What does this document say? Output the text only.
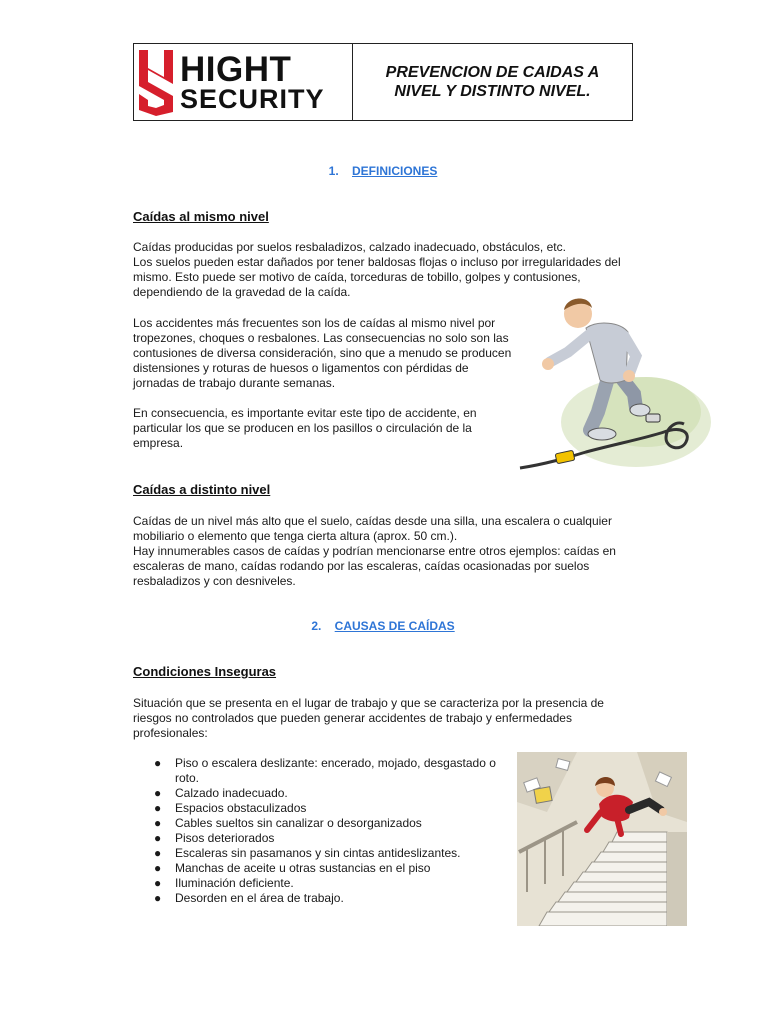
HIGHT
SECURITY
PREVENCION DE CAIDAS A NIVEL Y DISTINTO NIVEL.
1. DEFINICIONES
Caídas al mismo nivel
Caídas producidas por suelos resbaladizos, calzado inadecuado, obstáculos, etc.
Los suelos pueden estar dañados por tener baldosas flojas o incluso por irregularidades del
mismo. Esto puede ser motivo de caída, torceduras de tobillo, golpes y contusiones,
dependiendo de la gravedad de la caída.
Los accidentes más frecuentes son los de caídas al mismo nivel por
tropezones, choques o resbalones. Las consecuencias no solo son las
contusiones de diversa consideración, sino que a menudo se producen
distensiones y roturas de huesos o ligamentos con pérdidas de
jornadas de trabajo durante semanas.
En consecuencia, es importante evitar este tipo de accidente, en
particular los que se producen en los pasillos o circulación de la
empresa.
Caídas a distinto nivel
Caídas de un nivel más alto que el suelo, caídas desde una silla, una escalera o cualquier
mobiliario o elemento que tenga cierta altura (aprox. 50 cm.).
Hay innumerables casos de caídas y podrían mencionarse entre otros ejemplos: caídas en
escaleras de mano, caídas rodando por las escaleras, caídas ocasionadas por suelos
resbaladizos y con desniveles.
2. CAUSAS DE CAÍDAS
Condiciones Inseguras
Situación que se presenta en el lugar de trabajo y que se caracteriza por la presencia de
riesgos no controlados que pueden generar accidentes de trabajo y enfermedades
profesionales:
● Piso o escalera deslizante: encerado, mojado, desgastado o roto.
● Calzado inadecuado.
● Espacios obstaculizados
● Cables sueltos sin canalizar o desorganizados
● Pisos deteriorados
● Escaleras sin pasamanos y sin cintas antideslizantes.
● Manchas de aceite u otras sustancias en el piso
● Iluminación deficiente.
● Desorden en el área de trabajo.
